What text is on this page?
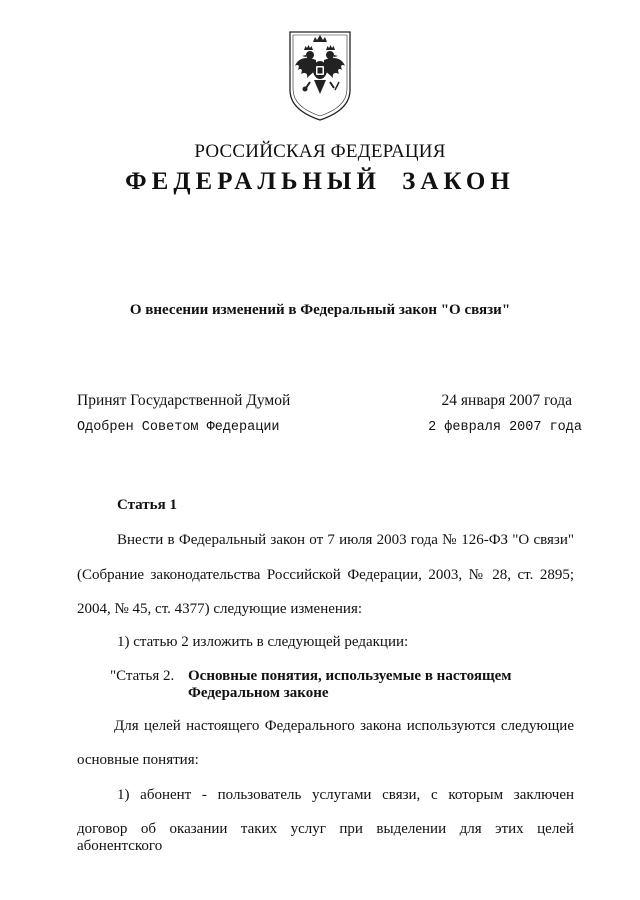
РОССИЙСКАЯ ФЕДЕРАЦИЯ
ФЕДЕРАЛЬНЫЙ ЗАКОН
О внесении изменений в Федеральный закон "О связи"
Принят Государственной Думой	24 января 2007 года
Одобрен Советом Федерации	2 февраля 2007 года
Статья 1
Внести в Федеральный закон от 7 июля 2003 года № 126-ФЗ "О связи"
(Собрание законодательства Российской Федерации, 2003, № 28, ст. 2895;
2004, № 45, ст. 4377) следующие изменения:
1) статью 2 изложить в следующей редакции:
"Статья 2. Основные понятия, используемые в настоящем Федеральном законе
Для целей настоящего Федерального закона используются следующие
основные понятия:
1) абонент - пользователь услугами связи, с которым заключен
договор об оказании таких услуг при выделении для этих целей абонентского
